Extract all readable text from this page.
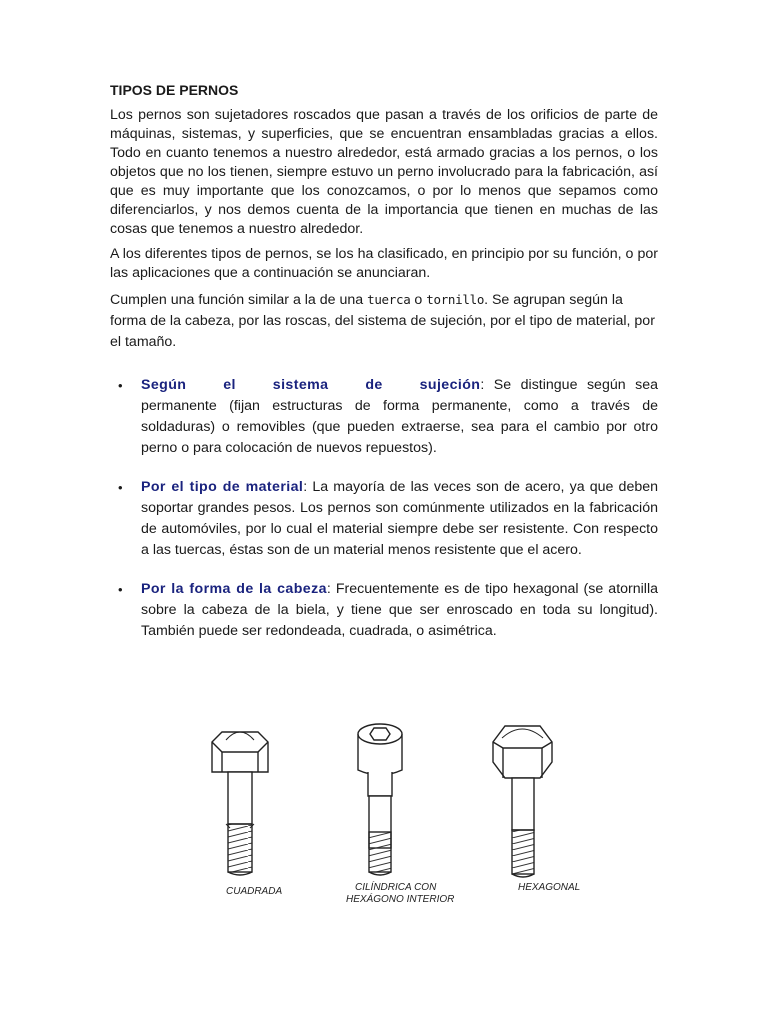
TIPOS DE PERNOS

Los pernos son sujetadores roscados que pasan a través de los orificios de parte de máquinas, sistemas, y superficies, que se encuentran ensambladas gracias a ellos. Todo en cuanto tenemos a nuestro alrededor, está armado gracias a los pernos, o los objetos que no los tienen, siempre estuvo un perno involucrado para la fabricación, así que es muy importante que los conozcamos, o por lo menos que sepamos como diferenciarlos, y nos demos cuenta de la importancia que tienen en muchas de las cosas que tenemos a nuestro alrededor.

A los diferentes tipos de pernos, se los ha clasificado, en principio por su función, o por las aplicaciones que a continuación se anunciaran.

Cumplen una función similar a la de una tuerca o tornillo. Se agrupan según la forma de la cabeza, por las roscas, del sistema de sujeción, por el tipo de material, por el tamaño.

• Según el sistema de sujeción: Se distingue según sea permanente (fijan estructuras de forma permanente, como a través de soldaduras) o removibles (que pueden extraerse, sea para el cambio por otro perno o para colocación de nuevos repuestos).
• Por el tipo de material: La mayoría de las veces son de acero, ya que deben soportar grandes pesos. Los pernos son comúnmente utilizados en la fabricación de automóviles, por lo cual el material siempre debe ser resistente. Con respecto a las tuercas, éstas son de un material menos resistente que el acero.
• Por la forma de la cabeza: Frecuentemente es de tipo hexagonal (se atornilla sobre la cabeza de la biela, y tiene que ser enroscado en toda su longitud). También puede ser redondeada, cuadrada, o asimétrica.
CUADRADA	CILÍNDRICA CON
HEXÁGONO INTERIOR
HEXAGONAL
